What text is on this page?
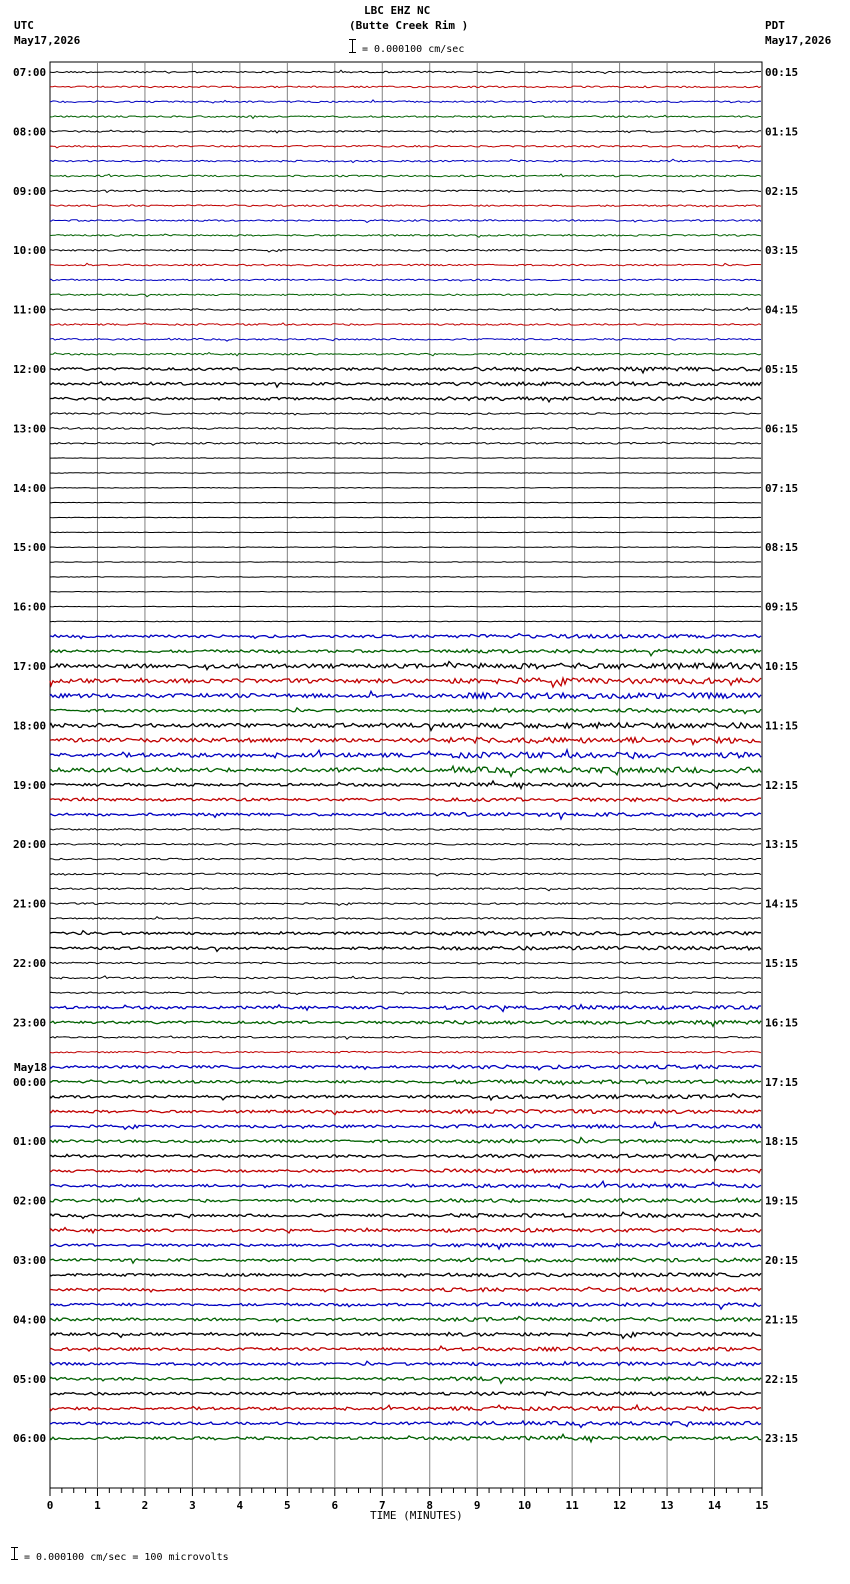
LBC EHZ NC
(Butte Creek Rim )
= 0.000100 cm/sec
UTC
May17,2026
PDT
May17,2026
May18
07:00
08:00
09:00
10:00
11:00
12:00
13:00
14:00
15:00
16:00
17:00
18:00
19:00
20:00
21:00
22:00
23:00
00:00
01:00
02:00
03:00
04:00
05:00
06:00
00:15
01:15
02:15
03:15
04:15
05:15
06:15
07:15
08:15
09:15
10:15
11:15
12:15
13:15
14:15
15:15
16:15
17:15
18:15
19:15
20:15
21:15
22:15
23:15
0	1	2	3	4	5	6	7	8	9	10	11	12	13	14	15
TIME (MINUTES)
= 0.000100 cm/sec = 100 microvolts
